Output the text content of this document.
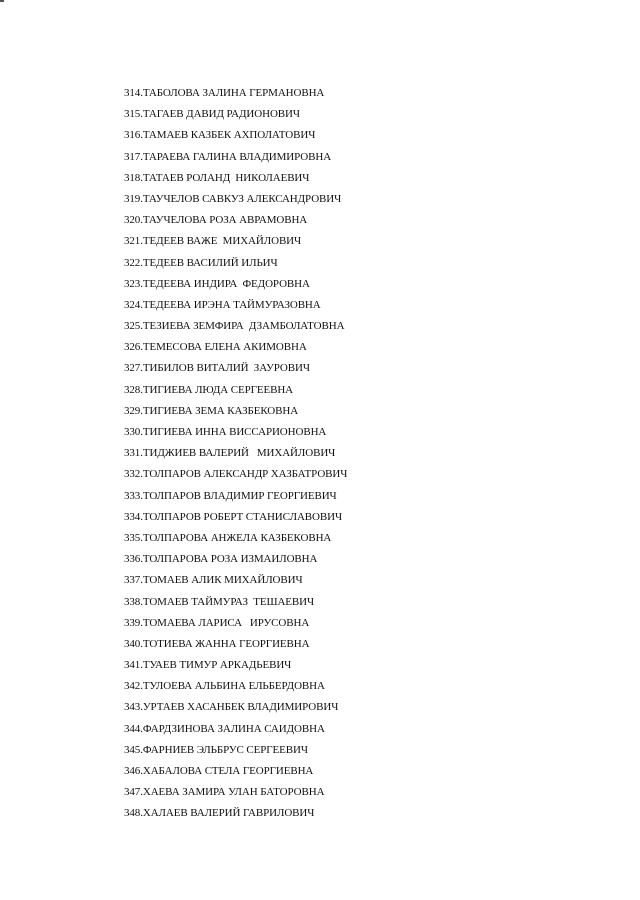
314.ТАБОЛОВА ЗАЛИНА ГЕРМАНОВНА
315.ТАГАЕВ ДАВИД РАДИОНОВИЧ
316.ТАМАЕВ КАЗБЕК АХПОЛАТОВИЧ
317.ТАРАЕВА ГАЛИНА ВЛАДИМИРОВНА
318.ТАТАЕВ РОЛАНД  НИКОЛАЕВИЧ
319.ТАУЧЕЛОВ САВКУЗ АЛЕКСАНДРОВИЧ
320.ТАУЧЕЛОВА РОЗА АВРАМОВНА
321.ТЕДЕЕВ ВАЖЕ  МИХАЙЛОВИЧ
322.ТЕДЕЕВ ВАСИЛИЙ ИЛЬИЧ
323.ТЕДЕЕВА ИНДИРА  ФЕДОРОВНА
324.ТЕДЕЕВА ИРЭНА ТАЙМУРАЗОВНА
325.ТЕЗИЕВА ЗЕМФИРА  ДЗАМБОЛАТОВНА
326.ТЕМЕСОВА ЕЛЕНА АКИМОВНА
327.ТИБИЛОВ ВИТАЛИЙ  ЗАУРОВИЧ
328.ТИГИЕВА ЛЮДА СЕРГЕЕВНА
329.ТИГИЕВА ЗЕМА КАЗБЕКОВНА
330.ТИГИЕВА ИННА ВИССАРИОНОВНА
331.ТИДЖИЕВ ВАЛЕРИЙ   МИХАЙЛОВИЧ
332.ТОЛПАРОВ АЛЕКСАНДР ХАЗБАТРОВИЧ
333.ТОЛПАРОВ ВЛАДИМИР ГЕОРГИЕВИЧ
334.ТОЛПАРОВ РОБЕРТ СТАНИСЛАВОВИЧ
335.ТОЛПАРОВА АНЖЕЛА КАЗБЕКОВНА
336.ТОЛПАРОВА РОЗА ИЗМАИЛОВНА
337.ТОМАЕВ АЛИК МИХАЙЛОВИЧ
338.ТОМАЕВ ТАЙМУРАЗ  ТЕШАЕВИЧ
339.ТОМАЕВА ЛАРИСА   ИРУСОВНА
340.ТОТИЕВА ЖАННА ГЕОРГИЕВНА
341.ТУАЕВ ТИМУР АРКАДЬЕВИЧ
342.ТУЛОЕВА АЛЬБИНА ЕЛЬБЕРДОВНА
343.УРТАЕВ ХАСАНБЕК ВЛАДИМИРОВИЧ
344.ФАРДЗИНОВА ЗАЛИНА САИДОВНА
345.ФАРНИЕВ ЭЛЬБРУС СЕРГЕЕВИЧ
346.ХАБАЛОВА СТЕЛА ГЕОРГИЕВНА
347.ХАЕВА ЗАМИРА УЛАН БАТОРОВНА
348.ХАЛАЕВ ВАЛЕРИЙ ГАВРИЛОВИЧ
